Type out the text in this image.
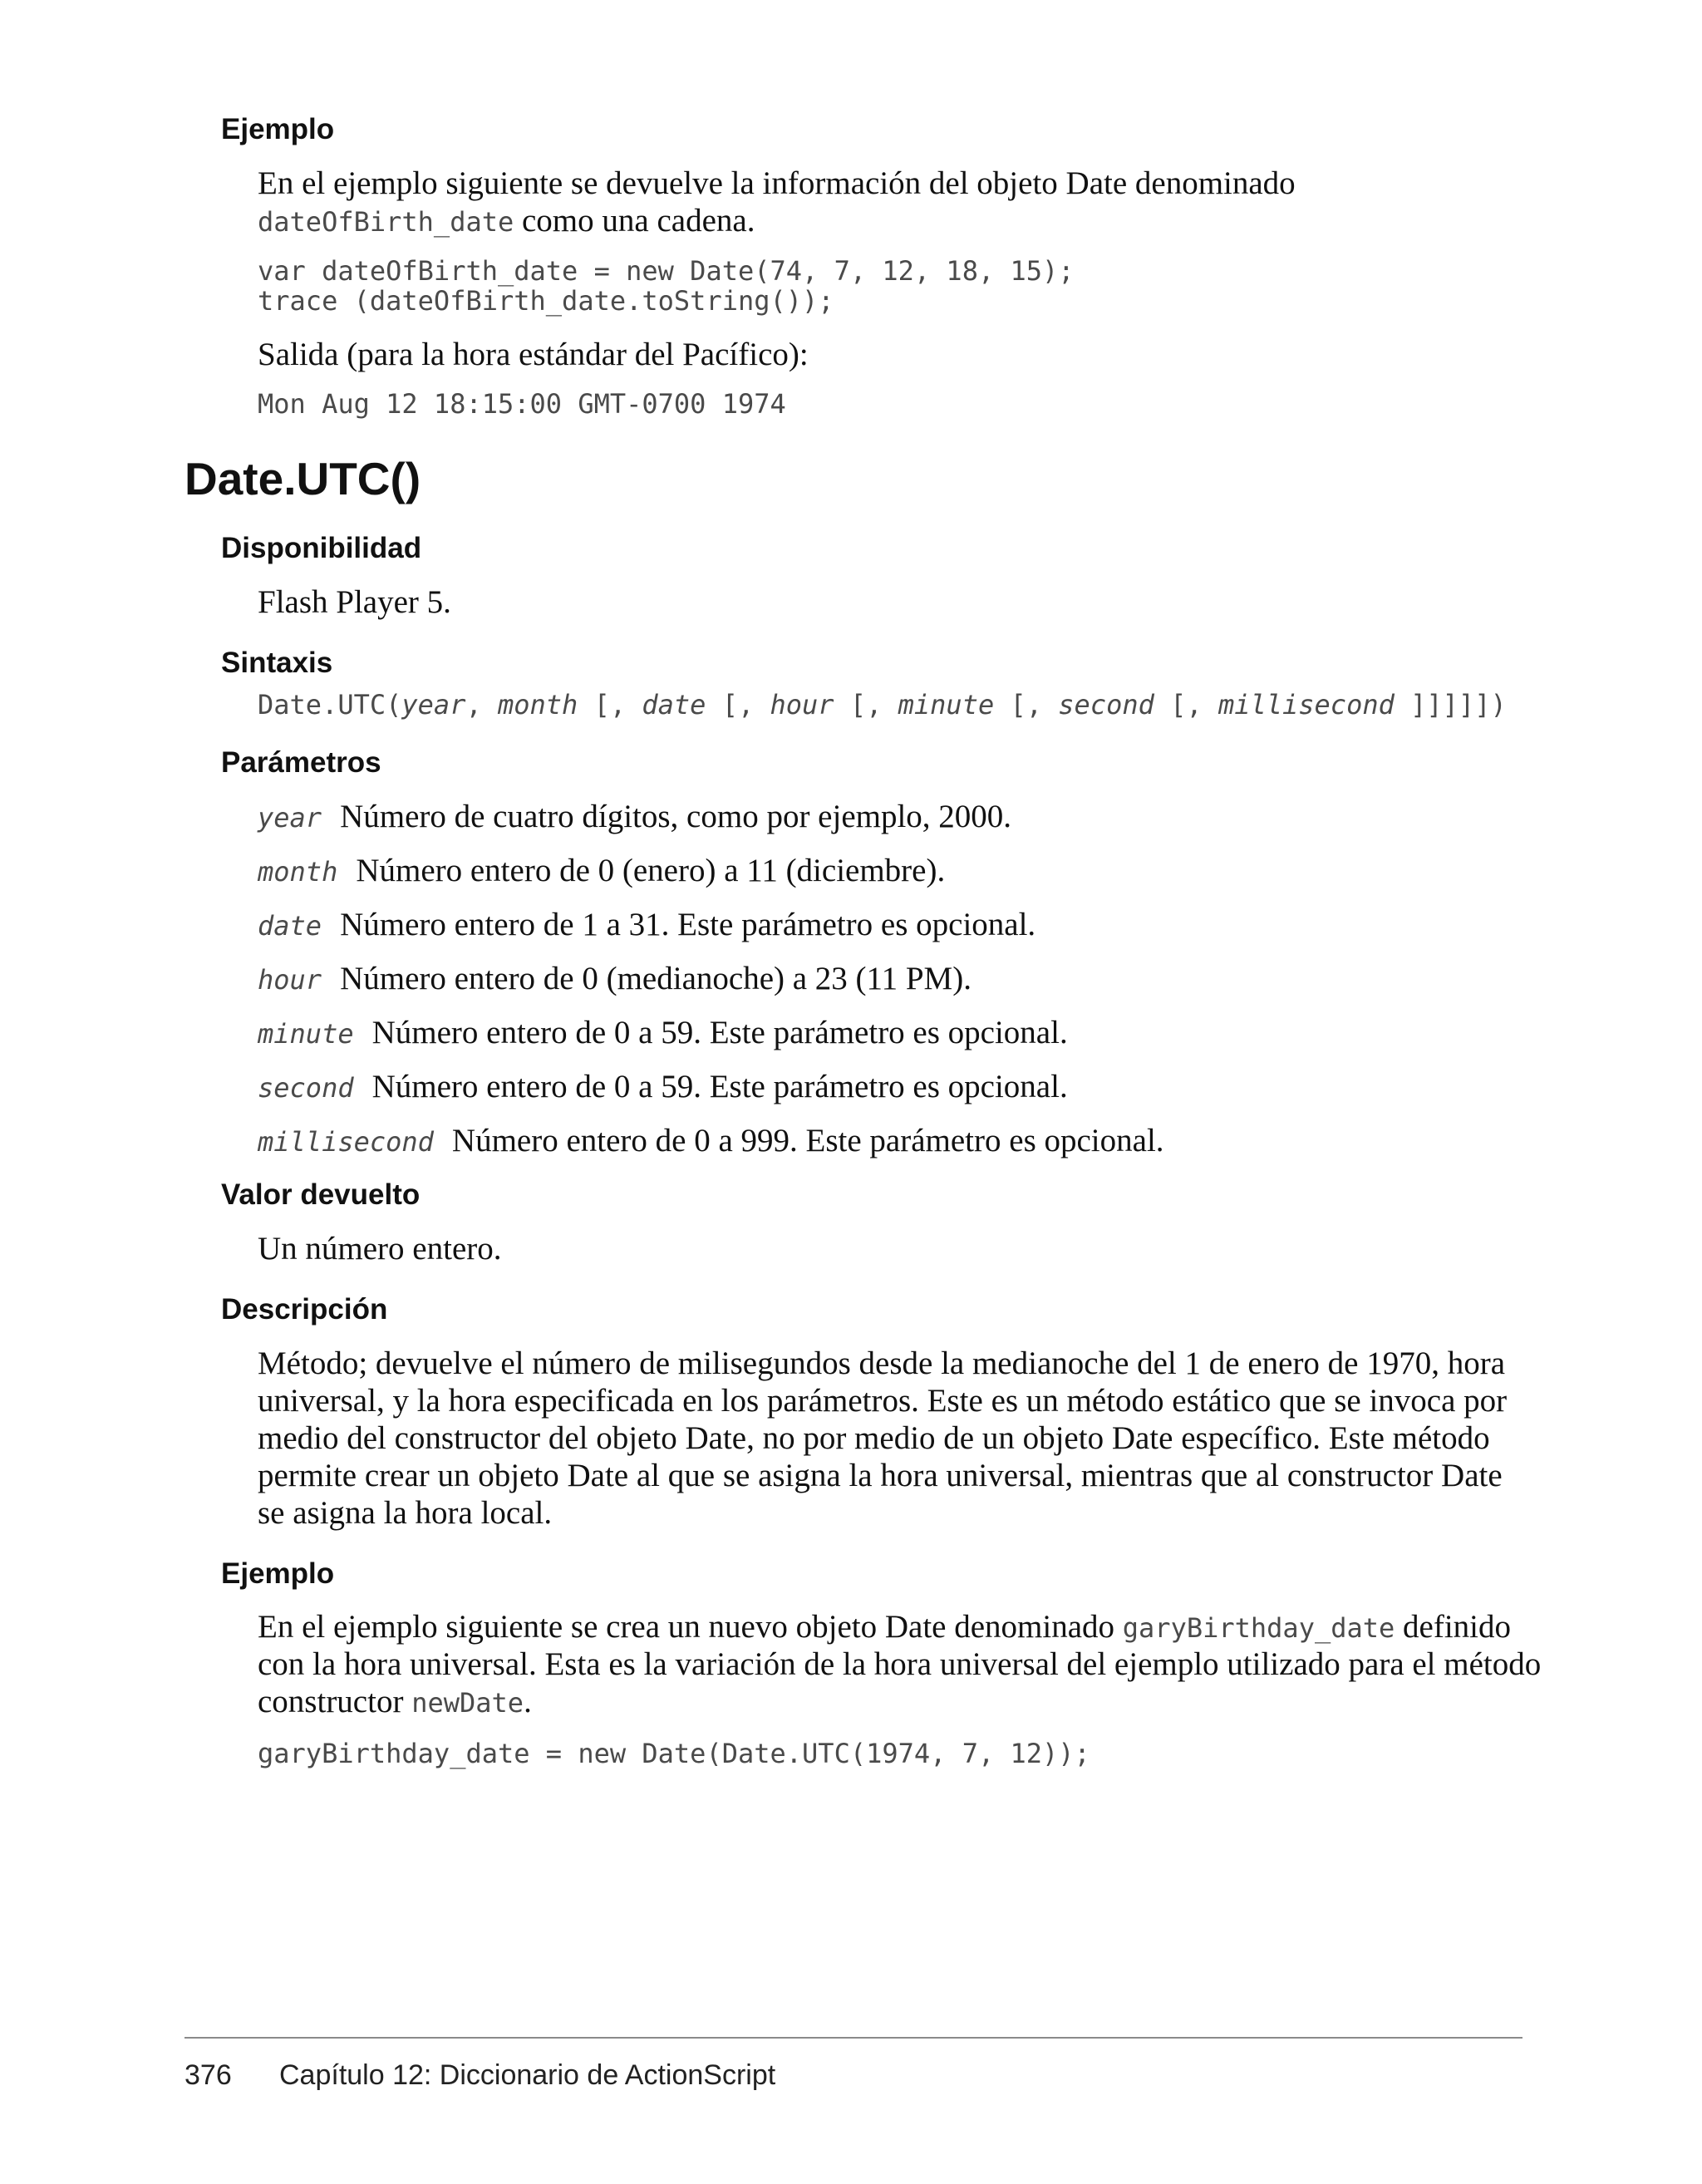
Ejemplo
En el ejemplo siguiente se devuelve la información del objeto Date denominado
dateOfBirth_date como una cadena.
var dateOfBirth_date = new Date(74, 7, 12, 18, 15);
trace (dateOfBirth_date.toString());
Salida (para la hora estándar del Pacífico):
Mon Aug 12 18:15:00 GMT-0700 1974
Date.UTC()
Disponibilidad
Flash Player 5.
Sintaxis
Date.UTC(year, month [, date [, hour [, minute [, second [, millisecond ]]]]])
Parámetros
year Número de cuatro dígitos, como por ejemplo, 2000.
month Número entero de 0 (enero) a 11 (diciembre).
date Número entero de 1 a 31. Este parámetro es opcional.
hour Número entero de 0 (medianoche) a 23 (11 PM).
minute Número entero de 0 a 59. Este parámetro es opcional.
second Número entero de 0 a 59. Este parámetro es opcional.
millisecond Número entero de 0 a 999. Este parámetro es opcional.
Valor devuelto
Un número entero.
Descripción
Método; devuelve el número de milisegundos desde la medianoche del 1 de enero de 1970, hora
universal, y la hora especificada en los parámetros. Este es un método estático que se invoca por
medio del constructor del objeto Date, no por medio de un objeto Date específico. Este método
permite crear un objeto Date al que se asigna la hora universal, mientras que al constructor Date
se asigna la hora local.
Ejemplo
En el ejemplo siguiente se crea un nuevo objeto Date denominado garyBirthday_date definido
con la hora universal. Esta es la variación de la hora universal del ejemplo utilizado para el método
constructor newDate.
garyBirthday_date = new Date(Date.UTC(1974, 7, 12));
376 Capítulo 12: Diccionario de ActionScript
